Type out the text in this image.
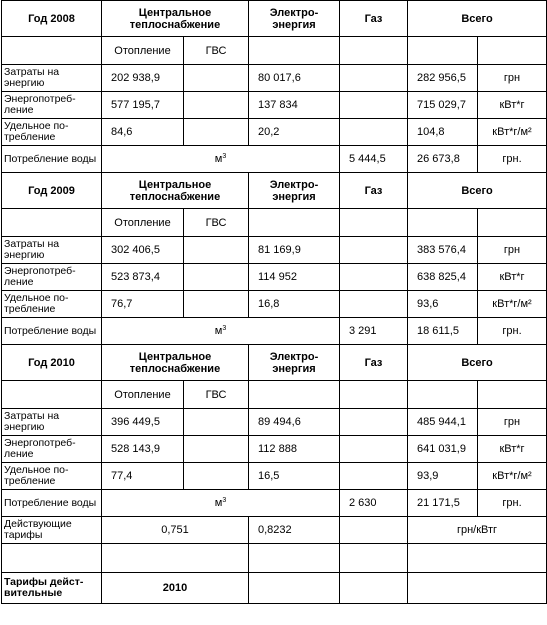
Год 2008	Центральное теплоснабжение		Электро-энергия	Газ	Всего	
	Отопление	ГВС				
Затраты на энергию	202 938,9		80 017,6		282 956,5	грн
Энергопотреб-ление	577 195,7		137 834		715 029,7	кВт*г
Удельное по-требление	84,6		20,2		104,8	кВт*г/м²
Потребление воды	$м^3$			5 444,5	26 673,8	грн.
Год 2009	Центральное теплоснабжение		Электро-энергия	Газ	Всего	
	Отопление	ГВС				
Затраты на энергию	302 406,5		81 169,9		383 576,4	грн
Энергопотреб-ление	523 873,4		114 952		638 825,4	кВт*г
Удельное по-требление	76,7		16,8		93,6	кВт*г/м²
Потребление воды	$м^3$			3 291	18 611,5	грн.
Год 2010	Центральное теплоснабжение		Электро-энергия	Газ	Всего	
	Отопление	ГВС				
Затраты на энергию	396 449,5		89 494,6		485 944,1	грн
Энергопотреб-ление	528 143,9		112 888		641 031,9	кВт*г
Удельное по-требление	77,4		16,5		93,9	кВт*г/м²
Потребление воды	$м^3$			2 630	21 171,5	грн.
Действующие тарифы	0,751		0,8232		грн/кВтг	

Тарифы дейст-вительные	2010					
